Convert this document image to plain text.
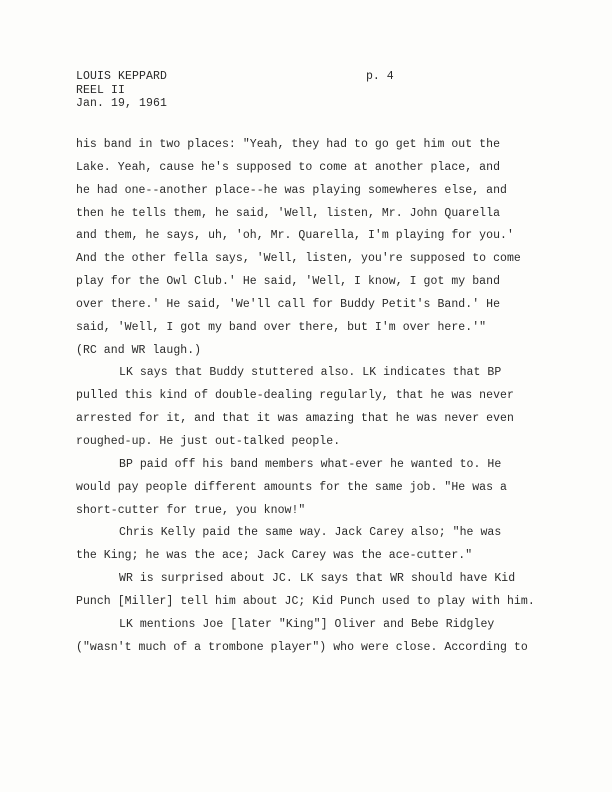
LOUIS KEPPARD
REEL II
Jan. 19, 1961
p. 4
his band in two places: "Yeah, they had to go get him out the
Lake. Yeah, cause he's supposed to come at another place, and
he had one--another place--he was playing somewheres else, and
then he tells them, he said, 'Well, listen, Mr. John Quarella
and them, he says, uh, 'oh, Mr. Quarella, I'm playing for you.'
And the other fella says, 'Well, listen, you're supposed to come
play for the Owl Club.' He said, 'Well, I know, I got my band
over there.' He said, 'We'll call for Buddy Petit's Band.' He
said, 'Well, I got my band over there, but I'm over here.'"
(RC and WR laugh.)
LK says that Buddy stuttered also. LK indicates that BP
pulled this kind of double-dealing regularly, that he was never
arrested for it, and that it was amazing that he was never even
roughed-up. He just out-talked people.
BP paid off his band members what-ever he wanted to. He
would pay people different amounts for the same job. "He was a
short-cutter for true, you know!"
Chris Kelly paid the same way. Jack Carey also; "he was
the King; he was the ace; Jack Carey was the ace-cutter."
WR is surprised about JC. LK says that WR should have Kid
Punch [Miller] tell him about JC; Kid Punch used to play with him.
LK mentions Joe [later "King"] Oliver and Bebe Ridgley
("wasn't much of a trombone player") who were close. According to
